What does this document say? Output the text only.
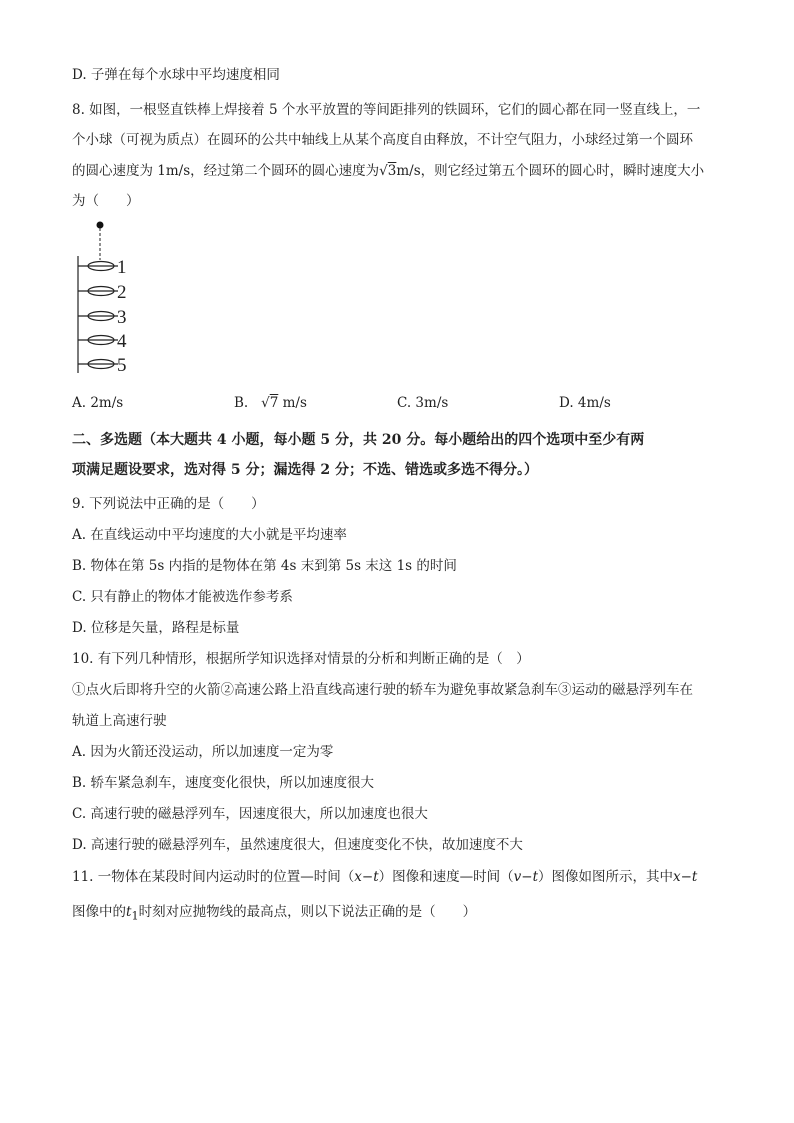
D. 子弹在每个水球中平均速度相同
8. 如图，一根竖直铁棒上焊接着 5 个水平放置的等间距排列的铁圆环，它们的圆心都在同一竖直线上，一
个小球（可视为质点）在圆环的公共中轴线上从某个高度自由释放，不计空气阻力，小球经过第一个圆环
的圆心速度为 1m/s，经过第二个圆环的圆心速度为√3m/s，则它经过第五个圆环的圆心时，瞬时速度大小
为（　　）
1
2
3
4
5
A. 2m/s	B. √7 m/s	C. 3m/s	D. 4m/s
二、多选题（本大题共 4 小题，每小题 5 分，共 20 分。每小题给出的四个选项中至少有两
项满足题设要求，选对得 5 分；漏选得 2 分；不选、错选或多选不得分。）
9. 下列说法中正确的是（　　）
A. 在直线运动中平均速度的大小就是平均速率
B. 物体在第 5s 内指的是物体在第 4s 末到第 5s 末这 1s 的时间
C. 只有静止的物体才能被选作参考系
D. 位移是矢量，路程是标量
10. 有下列几种情形，根据所学知识选择对情景的分析和判断正确的是（　）
①点火后即将升空的火箭②高速公路上沿直线高速行驶的轿车为避免事故紧急刹车③运动的磁悬浮列车在
轨道上高速行驶
A. 因为火箭还没运动，所以加速度一定为零
B. 轿车紧急刹车，速度变化很快，所以加速度很大
C. 高速行驶的磁悬浮列车，因速度很大，所以加速度也很大
D. 高速行驶的磁悬浮列车，虽然速度很大，但速度变化不快，故加速度不大
11. 一物体在某段时间内运动时的位置—时间（x−t）图像和速度—时间（v−t）图像如图所示，其中x−t
图像中的$t_1$时刻对应抛物线的最高点，则以下说法正确的是（　　）
